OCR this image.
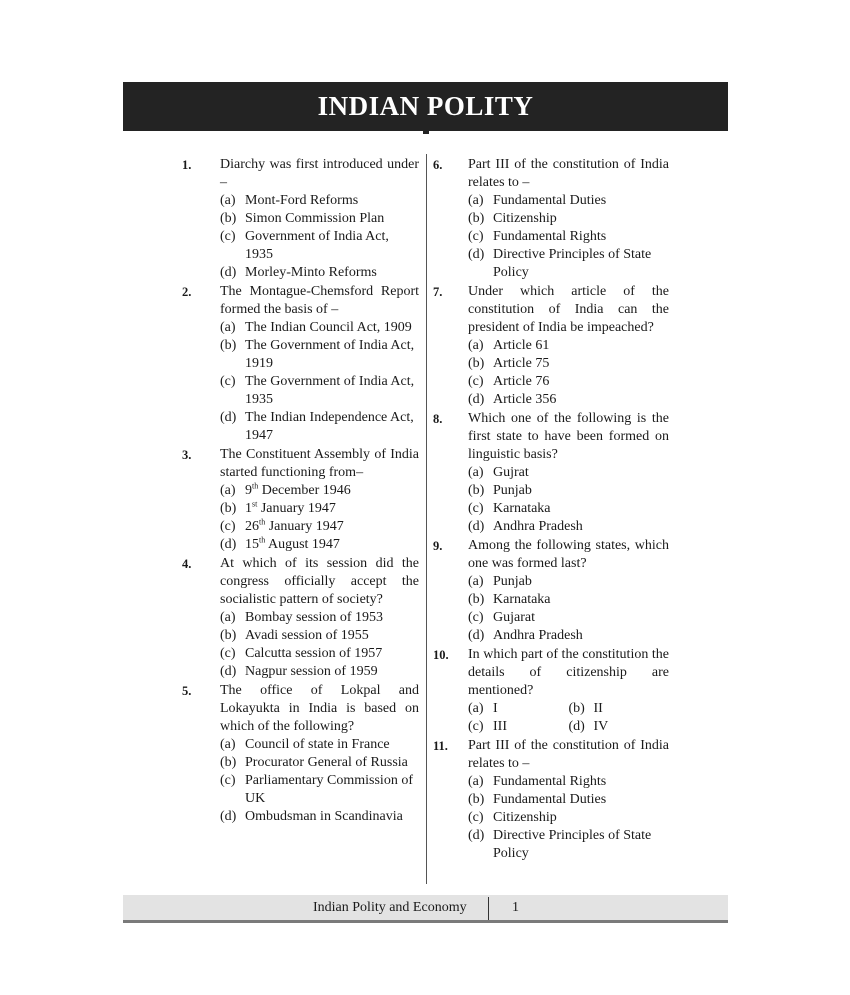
INDIAN POLITY
1. Diarchy was first introduced under –
(a) Mont-Ford Reforms
(b) Simon Commission Plan
(c) Government of India Act, 1935
(d) Morley-Minto Reforms
2. The Montague-Chemsford Report formed the basis of –
(a) The Indian Council Act, 1909
(b) The Government of India Act, 1919
(c) The Government of India Act, 1935
(d) The Indian Independence Act, 1947
3. The Constituent Assembly of India started functioning from–
(a) 9th December 1946
(b) 1st January 1947
(c) 26th January 1947
(d) 15th August 1947
4. At which of its session did the congress officially accept the socialistic pattern of society?
(a) Bombay session of 1953
(b) Avadi session of 1955
(c) Calcutta session of 1957
(d) Nagpur session of 1959
5. The office of Lokpal and Lokayukta in India is based on which of the following?
(a) Council of state in France
(b) Procurator General of Russia
(c) Parliamentary Commission of UK
(d) Ombudsman in Scandinavia
6. Part III of the constitution of India relates to –
(a) Fundamental Duties
(b) Citizenship
(c) Fundamental Rights
(d) Directive Principles of State Policy
7. Under which article of the constitution of India can the president of India be impeached?
(a) Article 61
(b) Article 75
(c) Article 76
(d) Article 356
8. Which one of the following is the first state to have been formed on linguistic basis?
(a) Gujrat
(b) Punjab
(c) Karnataka
(d) Andhra Pradesh
9. Among the following states, which one was formed last?
(a) Punjab
(b) Karnataka
(c) Gujarat
(d) Andhra Pradesh
10. In which part of the constitution the details of citizenship are mentioned?
(a) I	(b) II
(c) III	(d) IV
11. Part III of the constitution of India relates to –
(a) Fundamental Rights
(b) Fundamental Duties
(c) Citizenship
(d) Directive Principles of State Policy
Indian Polity and Economy	1
